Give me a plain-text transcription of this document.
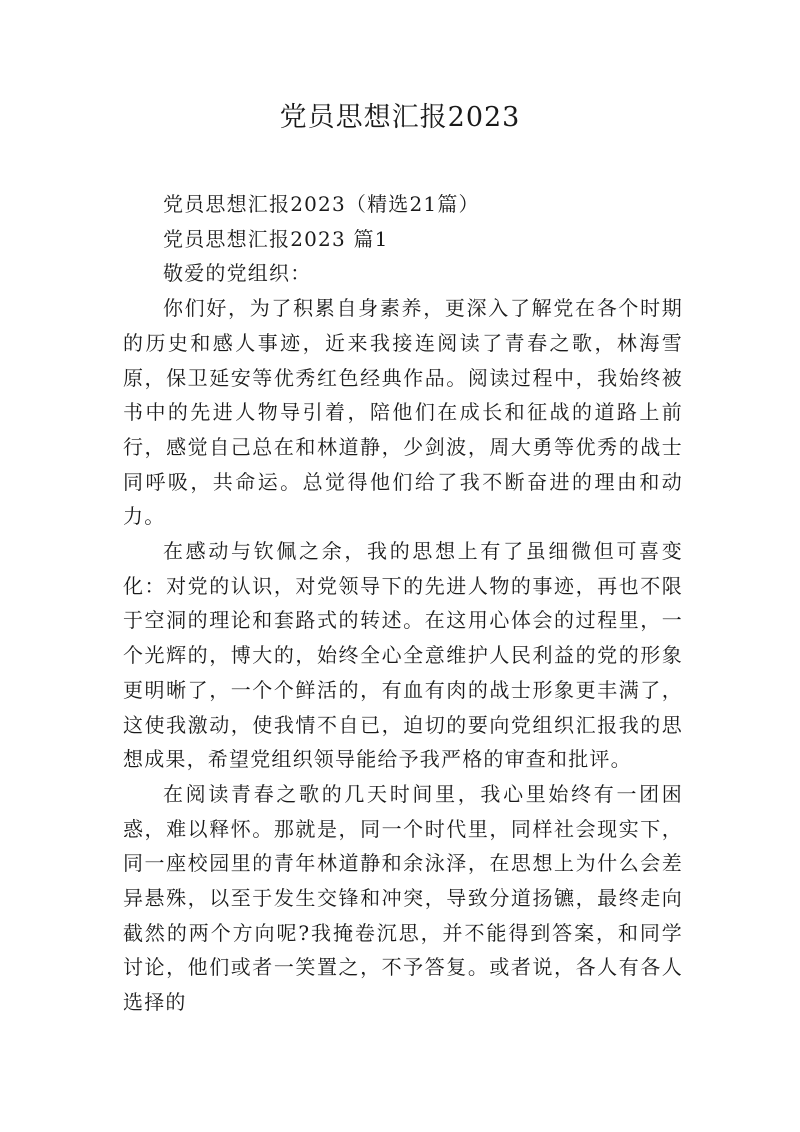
党员思想汇报2023

党员思想汇报2023（精选21篇）

党员思想汇报2023 篇1

敬爱的党组织：

你们好，为了积累自身素养，更深入了解党在各个时期的历史和感人事迹，近来我接连阅读了青春之歌，林海雪原，保卫延安等优秀红色经典作品。阅读过程中，我始终被书中的先进人物导引着，陪他们在成长和征战的道路上前行，感觉自己总在和林道静，少剑波，周大勇等优秀的战士同呼吸，共命运。总觉得他们给了我不断奋进的理由和动力。

在感动与钦佩之余，我的思想上有了虽细微但可喜变化：对党的认识，对党领导下的先进人物的事迹，再也不限于空洞的理论和套路式的转述。在这用心体会的过程里，一个光辉的，博大的，始终全心全意维护人民利益的党的形象更明晰了，一个个鲜活的，有血有肉的战士形象更丰满了，这使我激动，使我情不自已，迫切的要向党组织汇报我的思想成果，希望党组织领导能给予我严格的审查和批评。

在阅读青春之歌的几天时间里，我心里始终有一团困惑，难以释怀。那就是，同一个时代里，同样社会现实下，同一座校园里的青年林道静和余泳泽，在思想上为什么会差异悬殊，以至于发生交锋和冲突，导致分道扬镳，最终走向截然的两个方向呢?我掩卷沉思，并不能得到答案，和同学讨论，他们或者一笑置之，不予答复。或者说，各人有各人选择的
